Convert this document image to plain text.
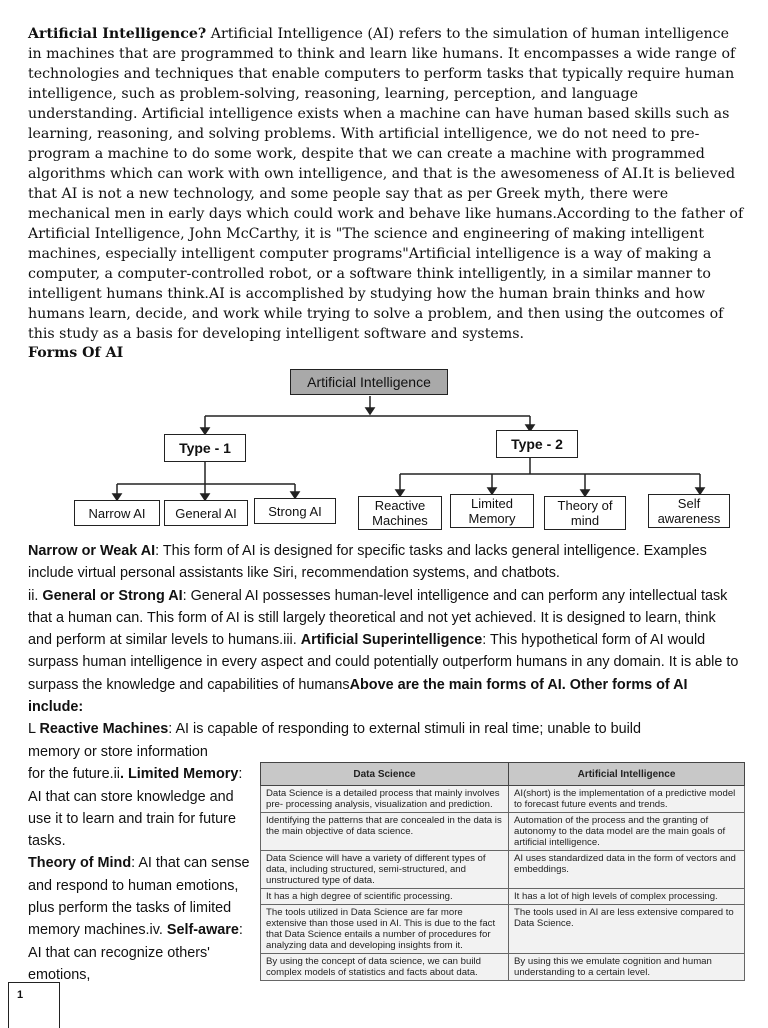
Artificial Intelligence? Artificial Intelligence (AI) refers to the simulation of human intelligence in machines that are programmed to think and learn like humans. It encompasses a wide range of technologies and techniques that enable computers to perform tasks that typically require human intelligence, such as problem-solving, reasoning, learning, perception, and language understanding. Artificial intelligence exists when a machine can have human based skills such as learning, reasoning, and solving problems. With artificial intelligence, we do not need to pre-program a machine to do some work, despite that we can create a machine with programmed algorithms which can work with own intelligence, and that is the awesomeness of AI.It is believed that AI is not a new technology, and some people say that as per Greek myth, there were mechanical men in early days which could work and behave like humans.According to the father of Artificial Intelligence, John McCarthy, it is "The science and engineering of making intelligent machines, especially intelligent computer programs"Artificial intelligence is a way of making a computer, a computer-controlled robot, or a software think intelligently, in a similar manner to intelligent humans think.AI is accomplished by studying how the human brain thinks and how humans learn, decide, and work while trying to solve a problem, and then using the outcomes of this study as a basis for developing intelligent software and systems.

Forms Of AI

Artificial Intelligence
Type - 1	Type - 2
Narrow AI	General AI	Strong AI	Reactive Machines
Limited Memory
Theory of mind
Self awareness

Narrow or Weak AI: This form of AI is designed for specific tasks and lacks general intelligence. Examples include virtual personal assistants like Siri, recommendation systems, and chatbots.
ii. General or Strong AI: General AI possesses human-level intelligence and can perform any intellectual task that a human can. This form of AI is still largely theoretical and not yet achieved. It is designed to learn, think and perform at similar levels to humans.iii. Artificial Superintelligence: This hypothetical form of AI would surpass human intelligence in every aspect and could potentially outperform humans in any domain. It is able to surpass the knowledge and capabilities of humansAbove are the main forms of AI. Other forms of AI include:
L Reactive Machines: AI is capable of responding to external stimuli in real time; unable to build

memory or store information
for the future.ii. Limited Memory: AI that can store knowledge and use it to learn and train for future tasks.
Theory of Mind: AI that can sense and respond to human emotions, plus perform the tasks of limited memory machines.iv. Self-aware: AI that can recognize others' emotions,

Data Science	Artificial Intelligence
Data Science is a detailed process that mainly involves pre- processing analysis, visualization and prediction.	AI(short) is the implementation of a predictive model to forecast future events and trends.
Identifying the patterns that are concealed in the data is the main objective of data science.	Automation of the process and the granting of autonomy to the data model are the main goals of artificial intelligence.
Data Science will have a variety of different types of data, including structured, semi-structured, and unstructured type of data.	AI uses standardized data in the form of vectors and embeddings.
It has a high degree of scientific processing.	It has a lot of high levels of complex processing.
The tools utilized in Data Science are far more extensive than those used in AI. This is due to the fact that Data Science entails a number of procedures for analyzing data and developing insights from it.	The tools used in AI are less extensive compared to Data Science.
By using the concept of data science, we can build complex models of statistics and facts about data.	By using this we emulate cognition and human understanding to a certain level.
1
